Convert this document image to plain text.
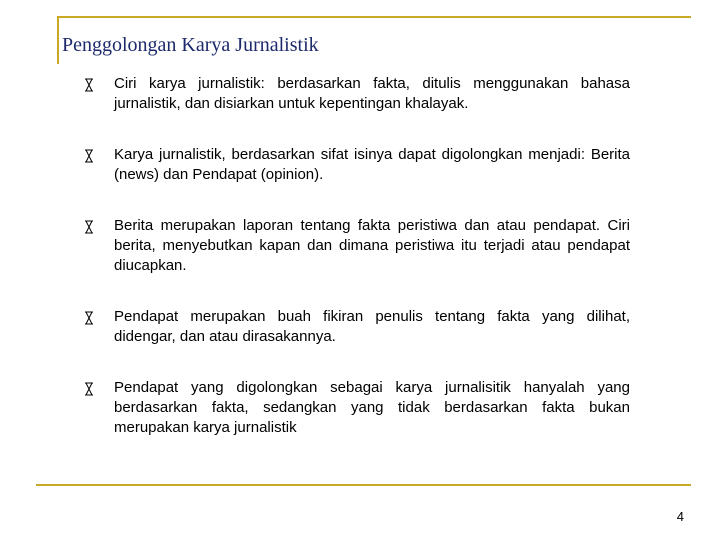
Penggolongan Karya Jurnalistik
Ciri karya jurnalistik: berdasarkan fakta, ditulis menggunakan bahasa jurnalistik, dan disiarkan untuk kepentingan khalayak.
Karya jurnalistik, berdasarkan sifat isinya dapat digolongkan menjadi: Berita (news) dan Pendapat (opinion).
Berita merupakan laporan tentang fakta peristiwa dan atau pendapat. Ciri berita, menyebutkan kapan dan dimana peristiwa itu terjadi atau pendapat diucapkan.
Pendapat merupakan buah fikiran penulis tentang fakta yang dilihat, didengar, dan atau dirasakannya.
Pendapat yang digolongkan sebagai karya jurnalisitik hanyalah yang berdasarkan fakta, sedangkan yang tidak berdasarkan fakta bukan merupakan karya jurnalistik
4
